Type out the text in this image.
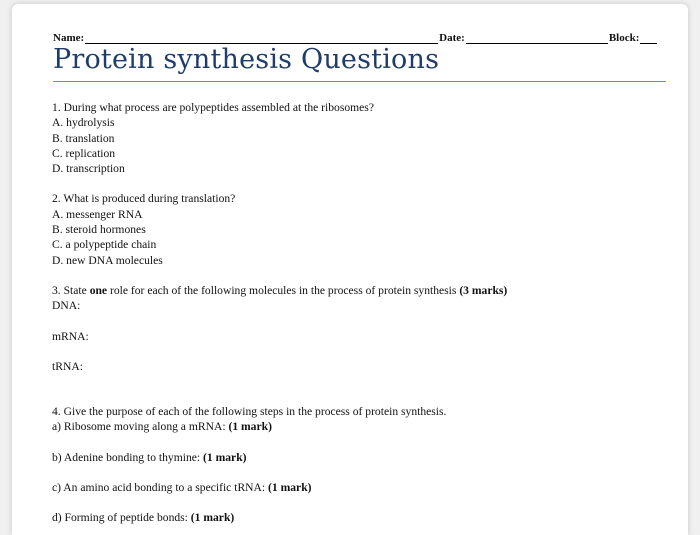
Name:	Date:	Block:
Protein synthesis Questions

1. During what process are polypeptides assembled at the ribosomes?

A. hydrolysis

B. translation

C. replication

D. transcription

2. What is produced during translation?

A. messenger RNA

B. steroid hormones

C. a polypeptide chain

D. new DNA molecules

3. State one role for each of the following molecules in the process of protein synthesis (3 marks)

DNA:

mRNA:

tRNA:

4. Give the purpose of each of the following steps in the process of protein synthesis.

a) Ribosome moving along a mRNA: (1 mark)

b) Adenine bonding to thymine: (1 mark)

c) An amino acid bonding to a specific tRNA: (1 mark)

d) Forming of peptide bonds: (1 mark)
